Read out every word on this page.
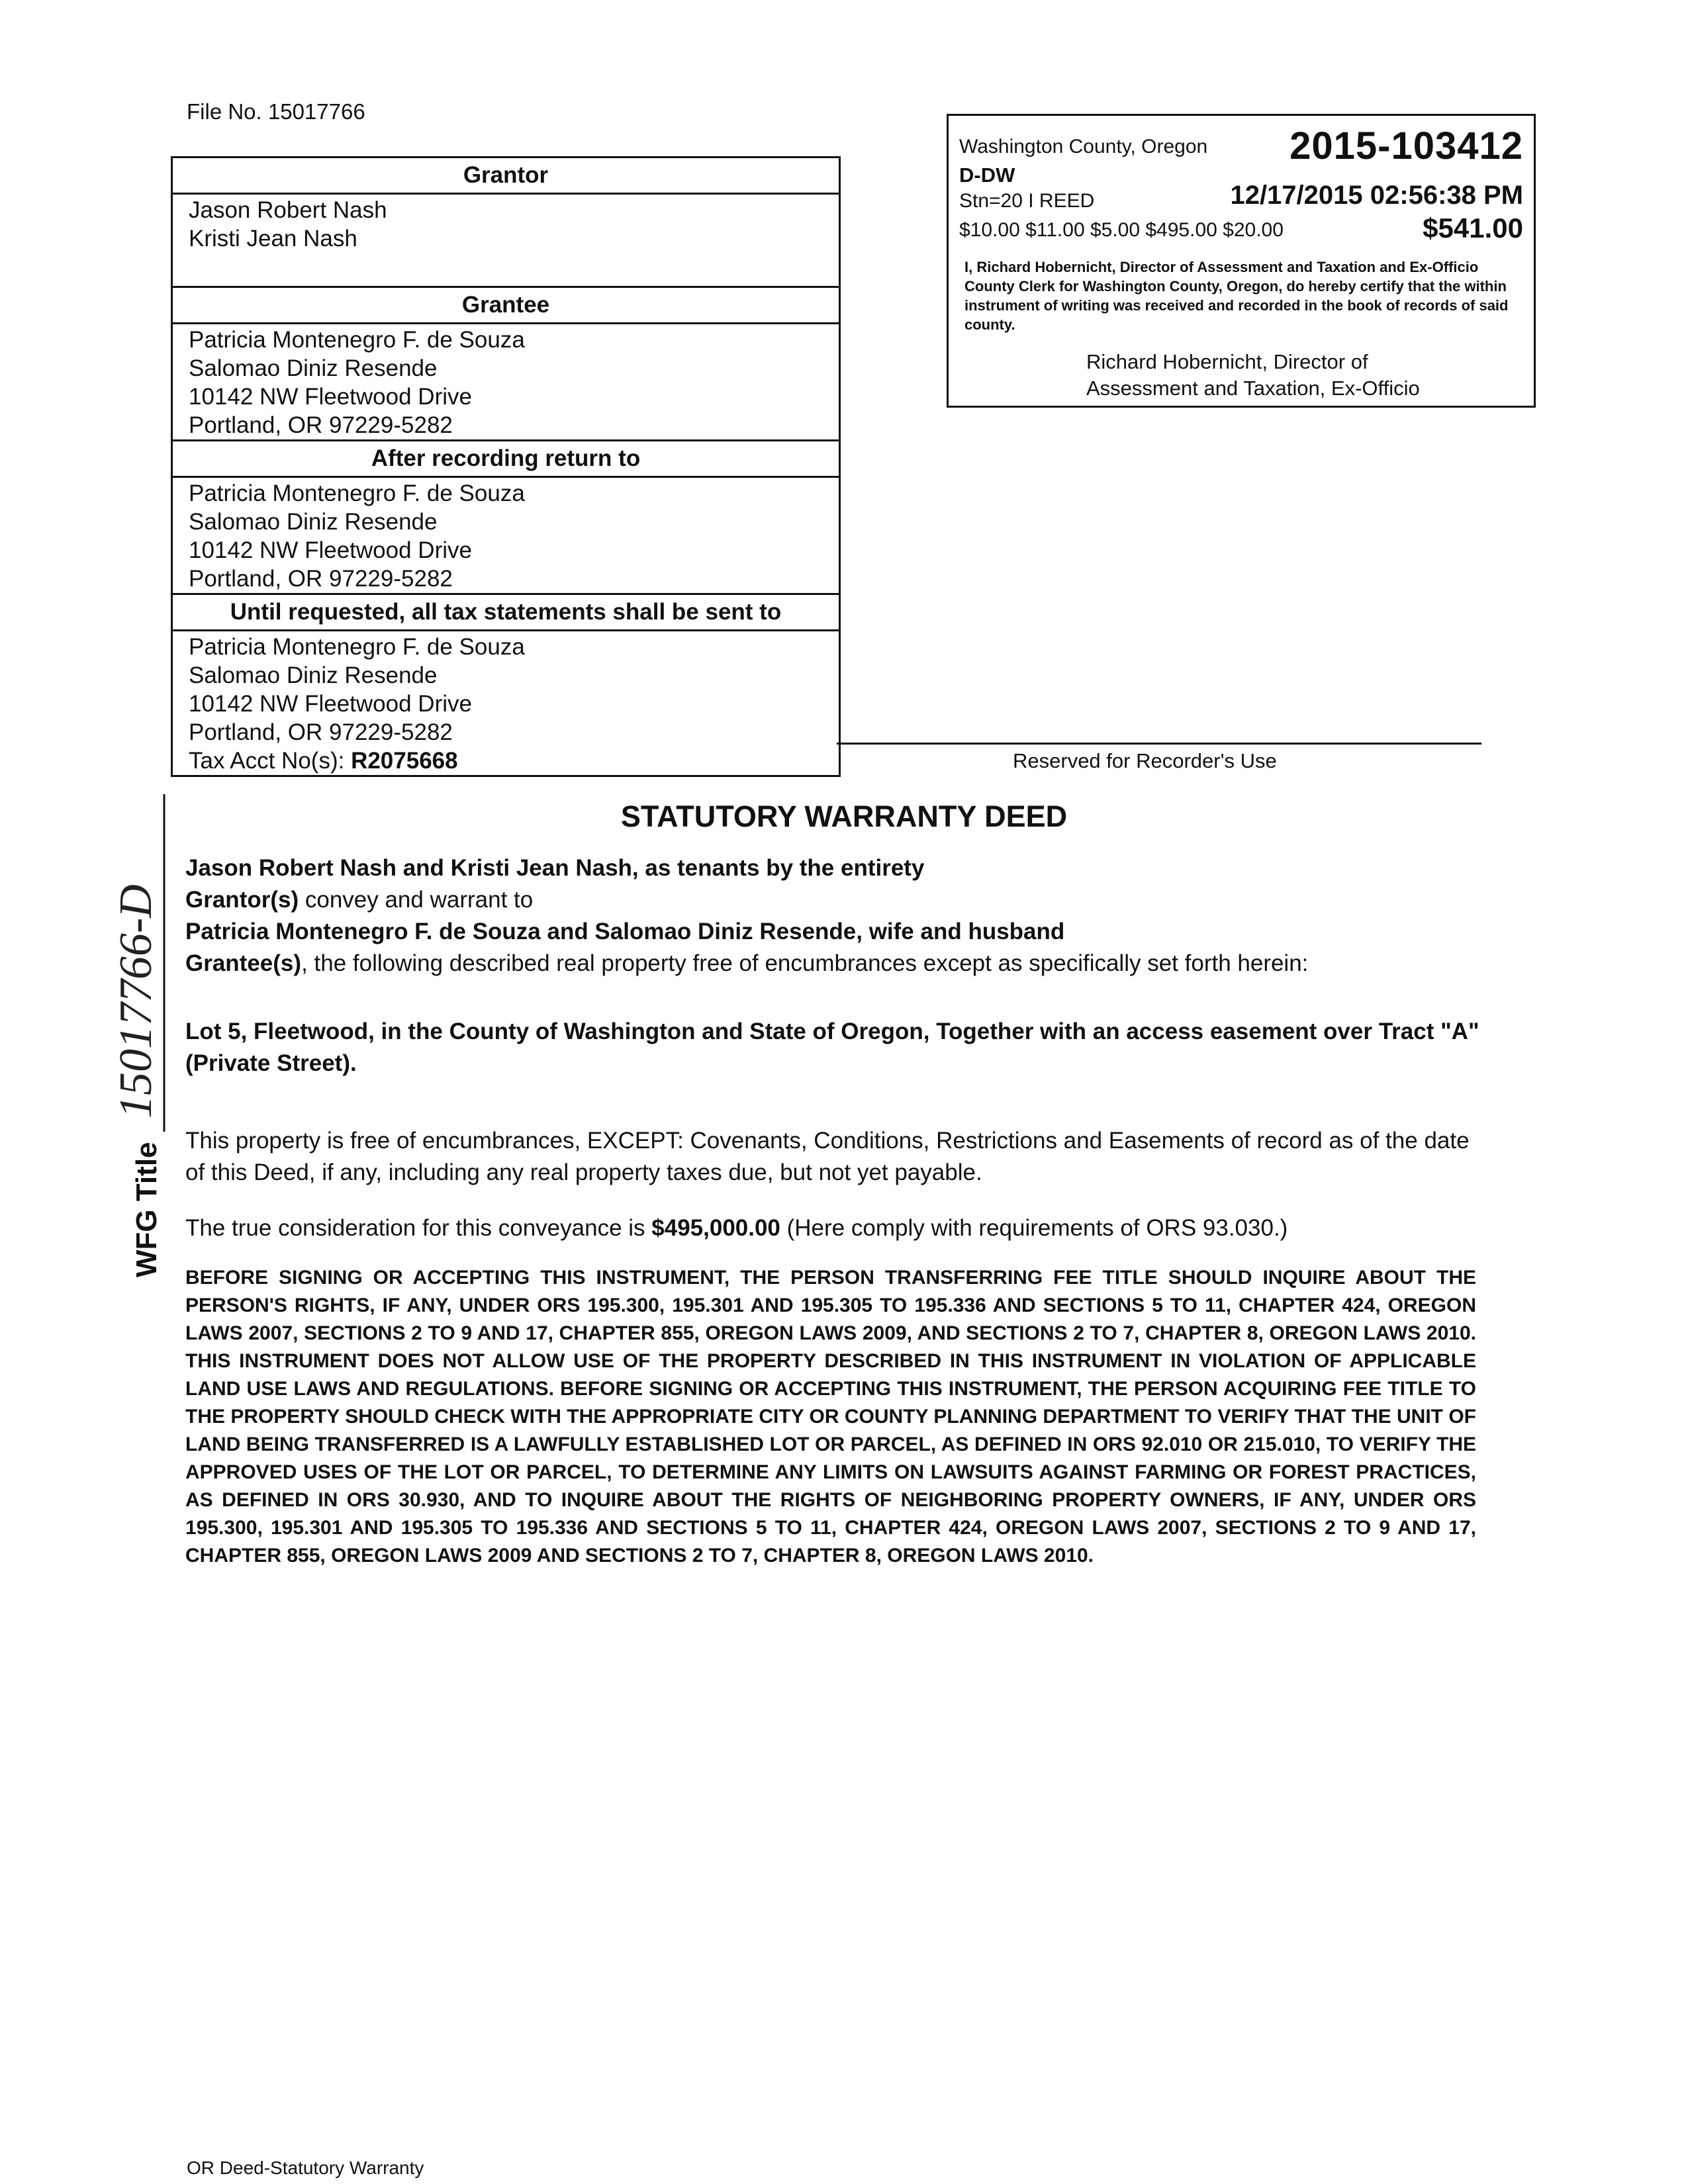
File No. 15017766
Grantor
Jason Robert Nash
Kristi Jean Nash
Grantee
Patricia Montenegro F. de Souza
Salomao Diniz Resende
10142 NW Fleetwood Drive
Portland, OR 97229-5282
After recording return to
Patricia Montenegro F. de Souza
Salomao Diniz Resende
10142 NW Fleetwood Drive
Portland, OR 97229-5282
Until requested, all tax statements shall be sent to
Patricia Montenegro F. de Souza
Salomao Diniz Resende
10142 NW Fleetwood Drive
Portland, OR 97229-5282
Tax Acct No(s): R2075668
Washington County, Oregon 2015-103412
D-DW
Stn=20 I REED	12/17/2015 02:56:38 PM
$10.00 $11.00 $5.00 $495.00 $20.00	$541.00
I, Richard Hobernicht, Director of Assessment and Taxation and Ex-Officio County Clerk for Washington County, Oregon, do hereby certify that the within instrument of writing was received and recorded in the book of records of said county.
Richard Hobernicht, Director of
Assessment and Taxation, Ex-Officio
Reserved for Recorder's Use
WFG Title
15017766-D
STATUTORY WARRANTY DEED
Jason Robert Nash and Kristi Jean Nash, as tenants by the entirety
Grantor(s) convey and warrant to
Patricia Montenegro F. de Souza and Salomao Diniz Resende, wife and husband
Grantee(s), the following described real property free of encumbrances except as specifically set forth herein:
Lot 5, Fleetwood, in the County of Washington and State of Oregon, Together with an access easement over Tract "A" (Private Street).
This property is free of encumbrances, EXCEPT: Covenants, Conditions, Restrictions and Easements of record as of the date of this Deed, if any, including any real property taxes due, but not yet payable.
The true consideration for this conveyance is $495,000.00 (Here comply with requirements of ORS 93.030.)
BEFORE SIGNING OR ACCEPTING THIS INSTRUMENT, THE PERSON TRANSFERRING FEE TITLE SHOULD INQUIRE ABOUT THE PERSON'S RIGHTS, IF ANY, UNDER ORS 195.300, 195.301 AND 195.305 TO 195.336 AND SECTIONS 5 TO 11, CHAPTER 424, OREGON LAWS 2007, SECTIONS 2 TO 9 AND 17, CHAPTER 855, OREGON LAWS 2009, AND SECTIONS 2 TO 7, CHAPTER 8, OREGON LAWS 2010. THIS INSTRUMENT DOES NOT ALLOW USE OF THE PROPERTY DESCRIBED IN THIS INSTRUMENT IN VIOLATION OF APPLICABLE LAND USE LAWS AND REGULATIONS. BEFORE SIGNING OR ACCEPTING THIS INSTRUMENT, THE PERSON ACQUIRING FEE TITLE TO THE PROPERTY SHOULD CHECK WITH THE APPROPRIATE CITY OR COUNTY PLANNING DEPARTMENT TO VERIFY THAT THE UNIT OF LAND BEING TRANSFERRED IS A LAWFULLY ESTABLISHED LOT OR PARCEL, AS DEFINED IN ORS 92.010 OR 215.010, TO VERIFY THE APPROVED USES OF THE LOT OR PARCEL, TO DETERMINE ANY LIMITS ON LAWSUITS AGAINST FARMING OR FOREST PRACTICES, AS DEFINED IN ORS 30.930, AND TO INQUIRE ABOUT THE RIGHTS OF NEIGHBORING PROPERTY OWNERS, IF ANY, UNDER ORS 195.300, 195.301 AND 195.305 TO 195.336 AND SECTIONS 5 TO 11, CHAPTER 424, OREGON LAWS 2007, SECTIONS 2 TO 9 AND 17, CHAPTER 855, OREGON LAWS 2009 AND SECTIONS 2 TO 7, CHAPTER 8, OREGON LAWS 2010.
OR Deed-Statutory Warranty
